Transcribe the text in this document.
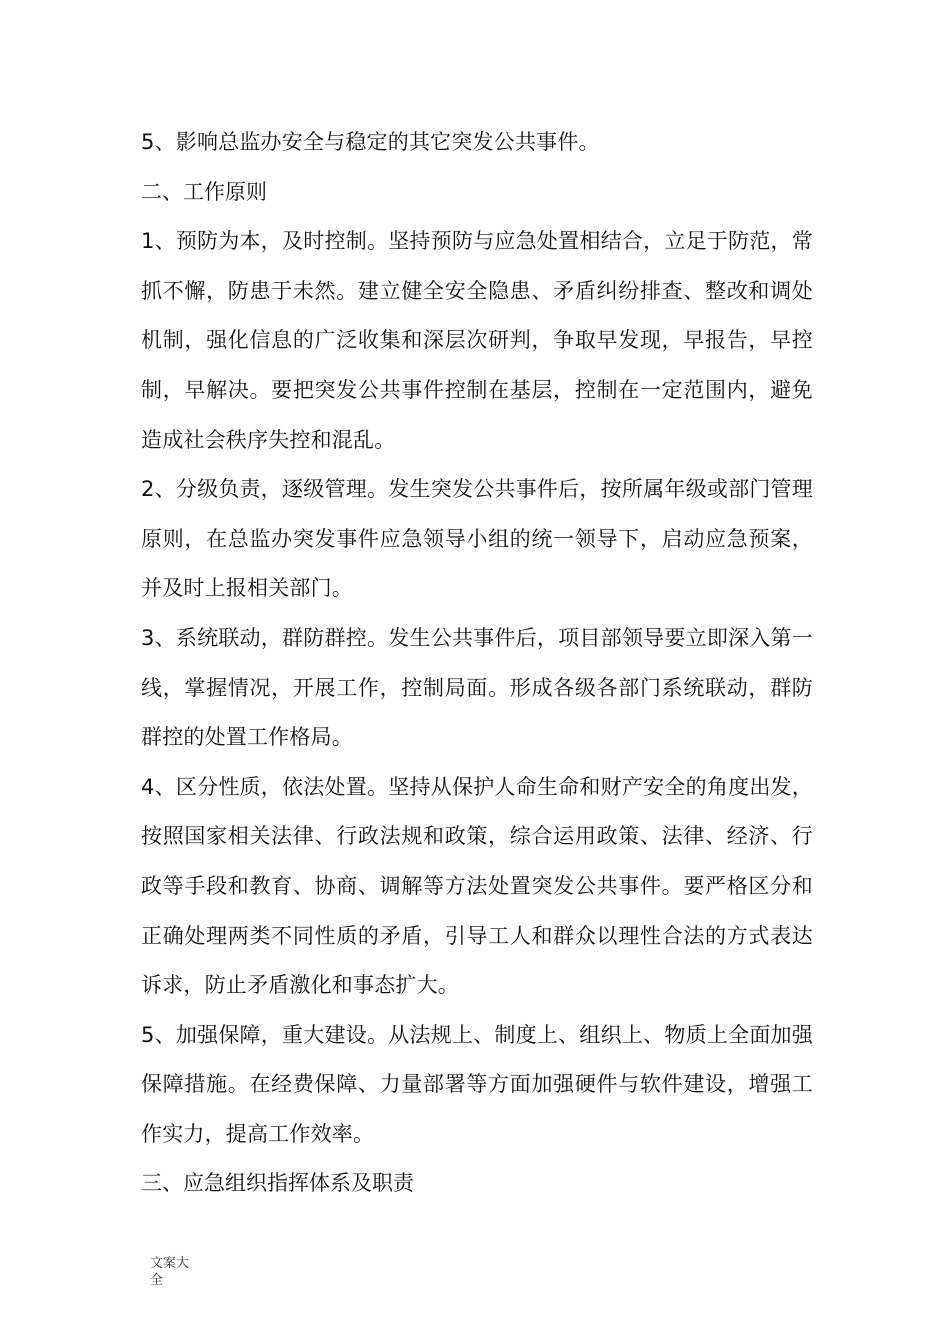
5、影响总监办安全与稳定的其它突发公共事件。

二、工作原则

1、预防为本，及时控制。坚持预防与应急处置相结合，立足于防范，常抓不懈，防患于未然。建立健全安全隐患、矛盾纠纷排查、整改和调处机制，强化信息的广泛收集和深层次研判，争取早发现，早报告，早控制，早解决。要把突发公共事件控制在基层，控制在一定范围内，避免造成社会秩序失控和混乱。

2、分级负责，逐级管理。发生突发公共事件后，按所属年级或部门管理原则，在总监办突发事件应急领导小组的统一领导下，启动应急预案，并及时上报相关部门。

3、系统联动，群防群控。发生公共事件后，项目部领导要立即深入第一线，掌握情况，开展工作，控制局面。形成各级各部门系统联动，群防群控的处置工作格局。

4、区分性质，依法处置。坚持从保护人命生命和财产安全的角度出发，按照国家相关法律、行政法规和政策，综合运用政策、法律、经济、行政等手段和教育、协商、调解等方法处置突发公共事件。要严格区分和正确处理两类不同性质的矛盾，引导工人和群众以理性合法的方式表达诉求，防止矛盾激化和事态扩大。

5、加强保障，重大建设。从法规上、制度上、组织上、物质上全面加强保障措施。在经费保障、力量部署等方面加强硬件与软件建设，增强工作实力，提高工作效率。

三、应急组织指挥体系及职责

文案大全
